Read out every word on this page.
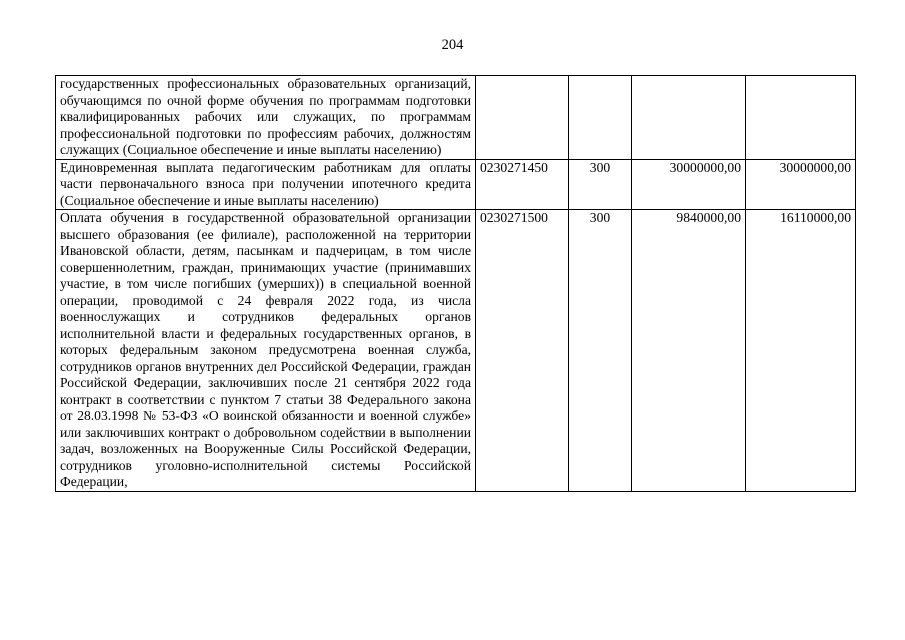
204
государственных профессиональных образовательных организаций, обучающимся по очной форме обучения по программам подготовки квалифицированных рабочих или служащих, по программам профессиональной подготовки по профессиям рабочих, должностям служащих (Социальное обеспечение и иные выплаты населению)				
Единовременная выплата педагогическим работникам для оплаты части первоначального взноса при получении ипотечного кредита (Социальное обеспечение и иные выплаты населению)	0230271450	300	30000000,00	30000000,00
Оплата обучения в государственной образовательной организации высшего образования (ее филиале), расположенной на территории Ивановской области, детям, пасынкам и падчерицам, в том числе совершеннолетним, граждан, принимающих участие (принимавших участие, в том числе погибших (умерших)) в специальной военной операции, проводимой с 24 февраля 2022 года, из числа военнослужащих и сотрудников федеральных органов исполнительной власти и федеральных государственных органов, в которых федеральным законом предусмотрена военная служба, сотрудников органов внутренних дел Российской Федерации, граждан Российской Федерации, заключивших после 21 сентября 2022 года контракт в соответствии с пунктом 7 статьи 38 Федерального закона от 28.03.1998 № 53-ФЗ «О воинской обязанности и военной службе» или заключивших контракт о добровольном содействии в выполнении задач, возложенных на Вооруженные Силы Российской Федерации, сотрудников уголовно-исполнительной системы Российской Федерации,	0230271500	300	9840000,00	16110000,00
